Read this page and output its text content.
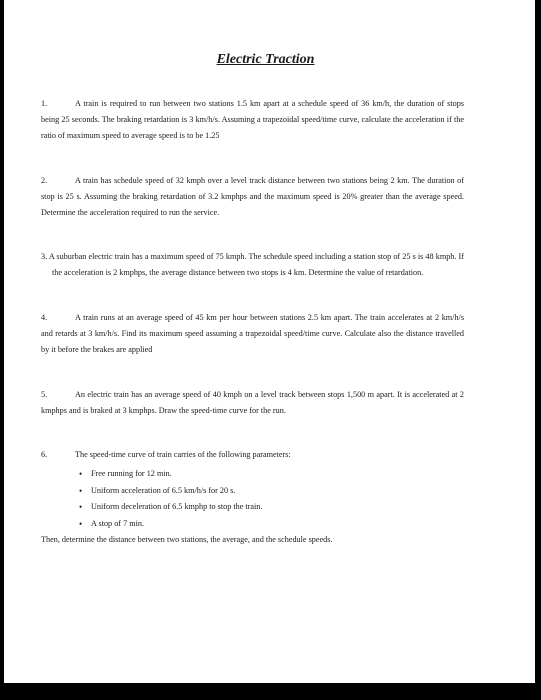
Electric Traction

1.	A train is required to run between two stations 1.5 km apart at a schedule speed of 36 km/h, the duration of stops being 25 seconds. The braking retardation is 3 km/h/s. Assuming a trapezoidal speed/time curve, calculate the acceleration if the ratio of maximum speed to average speed is to be 1.25

2.	A train has schedule speed of 32 kmph over a level track distance between two stations being 2 km. The duration of stop is 25 s. Assuming the braking retardation of 3.2 kmphps and the maximum speed is 20% greater than the average speed. Determine the acceleration required to run the service.

3. A suburban electric train has a maximum speed of 75 kmph. The schedule speed including a station stop of 25 s is 48 kmph. If the acceleration is 2 kmphps, the average distance between two stops is 4 km. Determine the value of retardation.

4.	A train runs at an average speed of 45 km per hour between stations 2.5 km apart. The train accelerates at 2 km/h/s and retards at 3 km/h/s. Find its maximum speed assuming a trapezoidal speed/time curve. Calculate also the distance travelled by it before the brakes are applied

5.	An electric train has an average speed of 40 kmph on a level track between stops 1,500 m apart. It is accelerated at 2 kmphps and is braked at 3 kmphps. Draw the speed-time curve for the run.

6.	The speed-time curve of train carries of the following parameters:

• Free running for 12 min.
• Uniform acceleration of 6.5 km/h/s for 20 s.
• Uniform deceleration of 6.5 kmphp to stop the train.
• A stop of 7 min.

Then, determine the distance between two stations, the average, and the schedule speeds.
